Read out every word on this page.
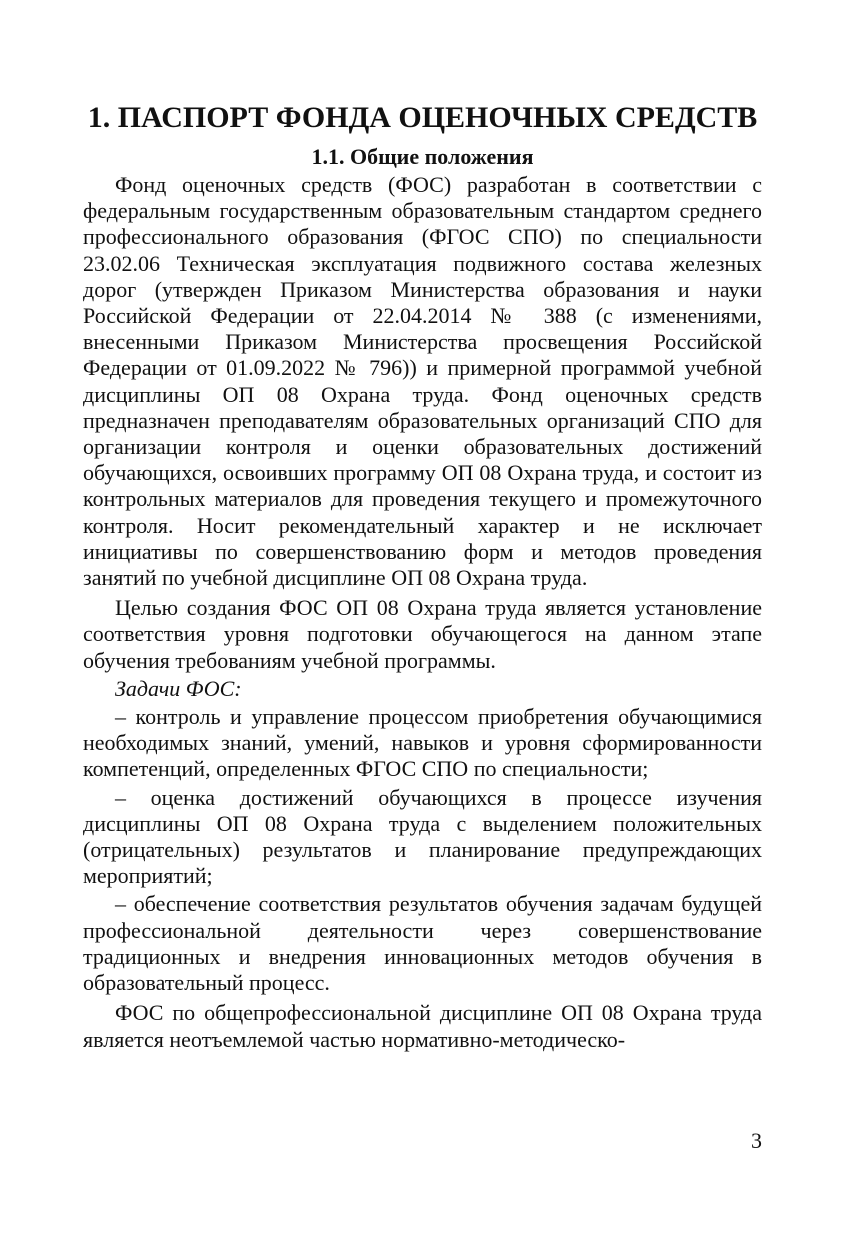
1. ПАСПОРТ ФОНДА ОЦЕНОЧНЫХ СРЕДСТВ
1.1. Общие положения

Фонд оценочных средств (ФОС) разработан в соответствии с федеральным государственным образовательным стандартом среднего профессионального образования (ФГОС СПО) по специальности 23.02.06 Техническая эксплуатация подвижного состава железных дорог (утвержден Приказом Министерства образования и науки Российской Федерации от 22.04.2014 № 388 (с изменениями, внесенными Приказом Министерства просвещения Российской Федерации от 01.09.2022 № 796)) и примерной программой учебной дисциплины ОП 08 Охрана труда. Фонд оценочных средств предназначен преподавателям образовательных организаций СПО для организации контроля и оценки образовательных достижений обучающихся, освоивших программу ОП 08 Охрана труда, и состоит из контрольных материалов для проведения текущего и промежуточного контроля. Носит рекомендательный характер и не исключает инициативы по совершенствованию форм и методов проведения занятий по учебной дисциплине ОП 08 Охрана труда.

Целью создания ФОС ОП 08 Охрана труда является установление соответствия уровня подготовки обучающегося на данном этапе обучения требованиям учебной программы.

Задачи ФОС:

– контроль и управление процессом приобретения обучающимися необходимых знаний, умений, навыков и уровня сформированности компетенций, определенных ФГОС СПО по специальности;

– оценка достижений обучающихся в процессе изучения дисциплины ОП 08 Охрана труда с выделением положительных (отрицательных) результатов и планирование предупреждающих мероприятий;

– обеспечение соответствия результатов обучения задачам будущей профессиональной деятельности через совершенствование традиционных и внедрения инновационных методов обучения в образовательный процесс.

ФОС по общепрофессиональной дисциплине ОП 08 Охрана труда является неотъемлемой частью нормативно-методическо-

3
